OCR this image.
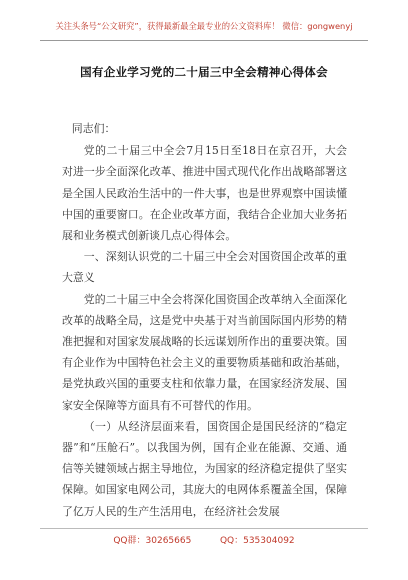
关注头条号“公文研究”，获得最新最全最专业的公文资料库！ 微信：gongwenyj
国有企业学习党的二十届三中全会精神心得体会

同志们：

党的二十届三中全会7月15日至18日在京召开，大会对进一步全面深化改革、推进中国式现代化作出战略部署这是全国人民政治生活中的一件大事，也是世界观察中国读懂中国的重要窗口。在企业改革方面，我结合企业加大业务拓展和业务模式创新谈几点心得体会。

一、深刻认识党的二十届三中全会对国资国企改革的重大意义

党的二十届三中全会将深化国资国企改革纳入全面深化改革的战略全局，这是党中央基于对当前国际国内形势的精准把握和对国家发展战略的长远谋划所作出的重要决策。国有企业作为中国特色社会主义的重要物质基础和政治基础，是党执政兴国的重要支柱和依靠力量，在国家经济发展、国家安全保障等方面具有不可替代的作用。

（一）从经济层面来看，国资国企是国民经济的“稳定器”和“压舱石”。以我国为例，国有企业在能源、交通、通信等关键领域占据主导地位，为国家的经济稳定提供了坚实保障。如国家电网公司，其庞大的电网体系覆盖全国，保障了亿万人民的生产生活用电，在经济社会发展

QQ群：30265665	QQ：535304092
